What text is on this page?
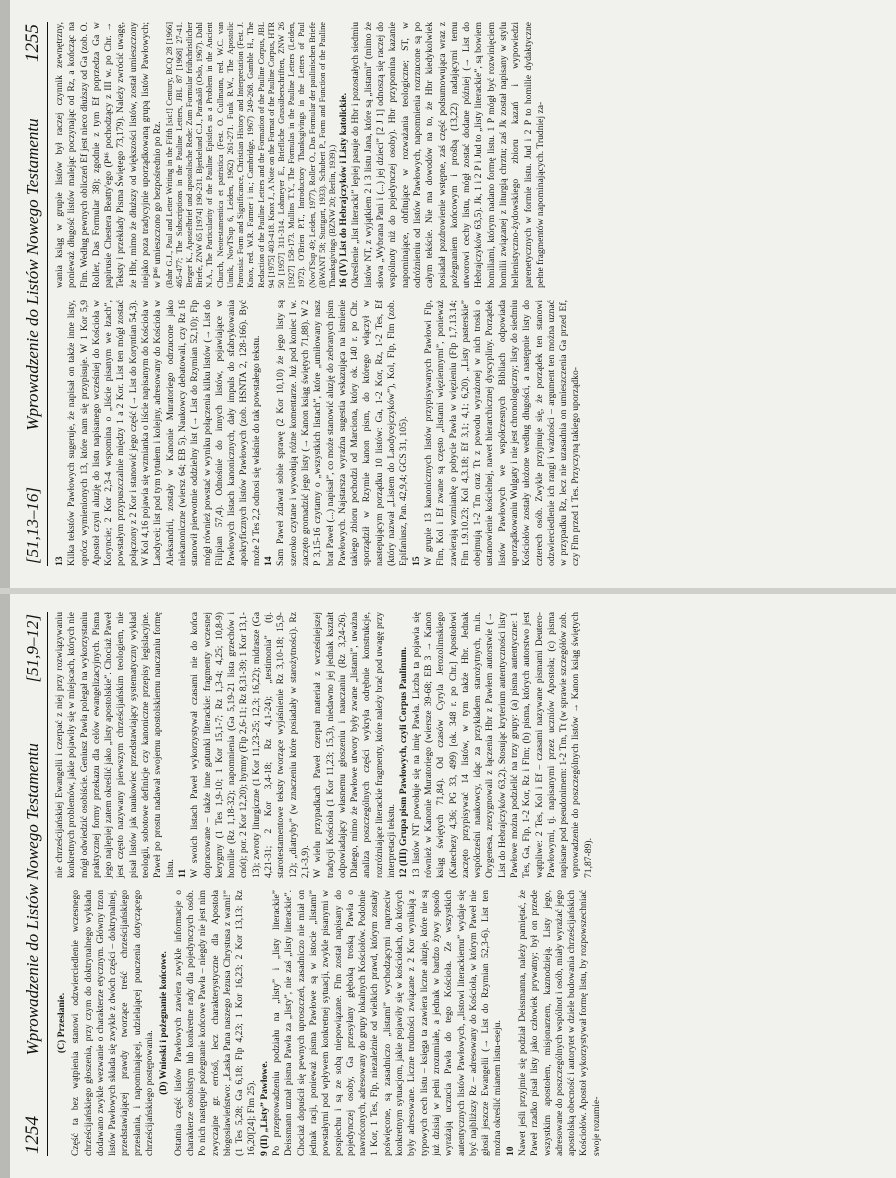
1254
Wprowadzenie do Listów Nowego Testamentu
[51,9–12]

(C) Przesłanie. Część ta bez wątpienia stanowi odzwierciedlenie wczesnego chrześcijańskiego głoszenia, przy czym do doktrynalnego wykładu dodawano zwykle wezwanie o charakterze etycznym. Główny trzon listów Pawłowych składa się zwykle z dwóch części – doktrynalnej, przedstawiającej prawdy tworzące treść chrześcijańskiego przesłania, i napominającej, udzielającej pouczenia dotyczącego chrześcijańskiego postępowania. (D) Wnioski i pożegnanie końcowe. Ostatnia część listów Pawłowych zawiera zwykle informacje o charakterze osobistym lub konkretne rady dla pojedynczych osób. Po nich następuje pożegnanie końcowe Pawła – niegdy nie jest nim zwyczajne gr. erróső, lecz charakterystyczne dla Apostoła błogosławieństwo: „Łaska Pana naszego Jezusa Chrystusa z wami!” (1 Tes 5,28; Ga 6,18; Flp 4,23; 1 Kor 16,23; 2 Kor 13,13; Rz 16,20[24]; Flm 25). 9 (II) „Listy” Pawłowe. Po przeprowadzeniu podziału na „listy” i „listy literackie” Deissmann uznał pisma Pawła za „listy”, nie zaś „listy literackie”. Chociaż dopuścił się pewnych uproszczeń, zasadniczo nie miał on jednak racji, ponieważ pisma Pawłowe są w istocie „listami” powstałymi pod wpływem konkretnej sytuacji, zwykle pisanymi w pospiechu i są ze sobą niepowiązane. Flm został napisany do pojedynczej osoby, Ga przesyłany głęboką troską Pawła o nawróconych, adresowany do grupy lokalnych Kościołów. Podobnie 1 Kor, 1 Tes, Flp, niezależnie od wielkich prawd, którym zostały poświęcone, są zasadniczo „listami” wychodzącymi naprzeciw konkretnym sytuacjom, jakie pojawiły się w kościołach, do których były adresowane. Liczne trudności związane z 2 Kor wynikają z typowych cech listu – księga ta zawiera liczne aluzje, które nie są już dzisiaj w pełni zrozumiałe, a jednak w bardzo żywy sposób wyrażają uczucia Pawła do tego Kościoła. Ze wszystkich autentycznych listów Pawłowych, „listowi literackiemu” wydaje się być najbliższy Rz – adresowany do Kościoła, w którym Paweł nie głosił jeszcze Ewangelii (→ List do Rzymian 52,3-6). List ten można określić mianem listu-eseju. 10 Nawet jeśli przyjmie się podział Deissmanna, należy pamiętać, że Paweł rzadko pisał listy jako człowiek prywatny; był on przede wszystkim apostołem, misjonarzem, kaznodzieją. Listy jego, adresowane do poszczególnych wspólnot i osób, miały wyrażać jego apostolską obecność i autorytet w dziele budowania chrześcijańskich Kościołów. Apostoł wykorzystywał formę listu, by rozpowszechniać swoje rozumie-

nie chrześcijańskiej Ewangelii i czerpać z niej przy rozwiązywaniu konkretnych problemów, jakie pojawiły się w miejscach, których nie mógł odwiedzić osobiście. Geniusz Pawła polegał na wykorzystaniu praktycznej formy przekazu dla celów ewangelizacyjnych. Pisma jego najlepiej zatem określić jako „listy apostolskie”. Chociaż Paweł jest często nazywany pierwszym chrześcijańskim teologiem, nie pisał listów jak naukowiec przedstawiający systematyczny wykład teologii, sobotowe definicje czy kanoniczne przepisy legislacyjne. Paweł po prostu nadawał swojemu apostolskiemu nauczaniu formę listu. 11 W swoich listach Paweł wykorzystywał czasami nie do końca dopracowane – także inne gatunki literackie: fragmenty wczesnej kerygmy (1 Tes 1,9-10; 1 Kor 15,1-7; Rz 1,3-4; 4,25; 10,8-9) homilie (Rz 1,18-32); napomnienia (Ga 5,19-21 lista grzechów i cnót); por. 2 Kor 12,20); hymny (Flp 2,6-11; Rz 8,31-39; 1 Kor 13,1-13); zwroty liturgiczne (1 Kor 11,23-25; 12,3; 16,22); midrasze (Ga 4,21-31; 2 Kor 3,4-18; Rz 4,1-24); „testimonia” (tj. starotestamentowe teksty tworzące wyjaśnienie Rz 3,10-18; 15,9-12); „diatryby” (w znaczeniu które posiadały w starożytności). Rz 2,1-3,9). W wielu przypadkach Paweł czerpał materiał z wcześniejszej tradycji Kościoła (1 Kor 11,23; 15,3), niedawno jej jednak kształt odpowiadający własnemu głoszeniu i nauczaniu (Rz 3,24-26). Dlatego, mimo że Pawłowe utwory były zwane „listami”, uważna analiza poszczególnych części wykryła odrębnie konstrukcje, rozróżniające literackie fragmenty, które należy brać pod uwagę przy interpretacji tekstu. 12 (III) Grupa pism Pawłowych, czyli Corpus Paulinum. 13 listów NT powołuje się na imię Pawła. Liczba ta pojawia się również w Kanonie Muratoriego (wiersze 39-68; EB 3 → Kanon ksiąg świętych 71,84). Od czasów Cyryla Jerozolimskiego (Katechezy 4,36; PG 33, 499) [ok. 348 r. po Chr.] Apostołowi zaczęto przypisywać 14 listów, w tym także Hbr. Jednak współcześni naukowcy, idąc za przykładem starożytnych, m.in. Orygenesa, zrezygnowali z łączenia Hbr z Pawłem autorstwie (→ List do Hebrajczyków 63,2). Stosując kryterium autentyczności listy Pawłowe można podzielić na trzy grupy: (a) pisma autentyczne: 1 Tes, Ga, Flp, 1-2 Kor, Rz i Flm; (b) pisma, których autorstwo jest wątpliwe: 2 Tes, Kol i Ef – czasami nazywane pismami Deutero-Pawłowymi, tj. napisanymi przez uczniów Apostoła; (c) pisma napisane pod pseudonimem: 1-2 Tm, Tt (w sprawie szczegółów zob. wprowadzenie do poszczególnych listów → Kanon ksiąg świętych 71,87-89).

[51,13–16]
Wprowadzenie do Listów Nowego Testamentu
1255

13 Kilka tekstów Pawłowych sugeruje, że napisał on także inne listy, oprócz wymienionych 13, które nam się przypisuje. W 1 Kor 5,9 Apostoł czyni aluzję do listu napisanego wcześniej do Kościoła w Koryncie; 2 Kor 2,3-4 wspomina o „liście pisanym we łzach”, powstałym przypuszczalnie między 1 a 2 Kor. List ten mógł zostać połączony z 2 Kor i stanowić jego część (→ List do Koryntian 54,3). W Kol 4,16 pojawia się wzmianka o liście napisanym do Kościoła w Laodycei; list pod tym tytułem i kolejny, adresowany do Kościoła w Aleksandrii, zostały w Kanonie Muratoriego odrzucone jako niekanoniczne (wiersz 64; EB 5). Naukowcy debatowali, czy Rz 16 stanowił pierwotnie oddzielny list (→ List do Rzymian 52,10); Flp mógł również powstać w wyniku połączenia kilku listów (→ List do Filipian 57,4). Odnośnie do innych listów, pojawiające w Pawłowych listach kanonicznych, dały impuls do sfabrykowania apokryficznych listów Pawłowych (zob. HSNTA 2, 128-166). Być może 2 Tes 2,2 odnosi się właśnie do tak powstałego tekstu. 14 Sam Paweł zdawał sobie sprawę (2 Kor 10,10) że jego listy są szeroko czytane i wywołują różne komentarze. Już pod koniec I w. zaczęto gromadzić jego listy (→ Kanon ksiąg świętych 71,88). W 2 P 3,15-16 czytamy o „wszystkich listach”, które „umiłowany nasz brat Paweł (...) napisał”, co może stanowić aluzję do zebranych pism Pawłowych. Najstarsza wyraźna sugestia wskazująca na istnienie takiego zbioru pochodzi od Marciona, który ok. 140 r. po Chr. sporządził w Rzymie kanon pism, do którego włączył w nastepującym porządku 10 listów: Ga, 1-2 Kor, Rz, 1-2 Tes, Ef (który nazwał „Listem do Laodycejczyków”), Kol, Flp, Flm (zob. Epifaniusz, Pan. 42,9,4; GCS 31, 105). 15 W grupie 13 kanonicznych listów przypisywanych Pawłowi Flp, Flm, Kol i Ef zwane są często „listami więziennymi”, ponieważ zawierają wzmiankę o pobycie Pawła w więzieniu (Flp 1,7.13.14; Flm 1.9.10.23; Kol 4,3.18; Ef 3,1; 4,1; 6,20). „Listy pasterskie” obejmują 1-2 Tm oraz Tt z powodu wyrażonej w nich troski o ustanowienie kościelnej, nawet hierarchicznej dyscypliny. Porządek listów Pawłowych we współczesnych Bibliach odpowiada uporządkowaniu Wulgaty i nie jest chronologiczny; listy do siedmiu Kościołów zostały ułożone według długości, a następnie listy do czterech osób. Zwykle przyjmuje się, że porządek ten stanowi odzwierciedlenie ich rangi i ważności – argument ten można uznać w przypadku Rz, lecz nie uzasadnia on umieszczenia Ga przed Ef, czy Flm przed 1 Tes. Przyczyną takiego uporządko-

wania ksiąg w grupie listów był raczej czynnik zewnętrzny, ponieważ długość listów malejąc poczynając od Rz, a kończąc na Flm. Według pewnych obliczeń Ef jest nieco dłuższy od Ga (zob. O. Roller, Das Formular 38); zgodnie z tym Ef poprzedza Ga w papirusie Chestera Beatty'ego (P⁴⁶ pochodzący z III w. po Chr. → Teksty i przekłady Pisma Świętego 73,179). Należy zwrócić uwagę, że Hbr, mimo że dłuższy od większości listów, został umieszczony niejako poza tradycyjnie uporządkowaną grupą listów Pawłowych; w P⁴⁶ umieszczono go bezpośrednio po Rz. (Bahr G.J., Paul and Letter Writing in the Fifth [sic!] Century, BCQ 28 [1966] 465-477; The Subscriptions in the Pauline Letters, JBL 87 [1968] 27-41. Berger K., Apostelbrief und apostolische Rede: Zum Formular frühchristlicher Briefe, ZNW 65 [1974] 190-231. Bjerkelund C.J., Parakalô (Oslo, 1967). Dahl N.A., The Particularity of the Pauline Epistles as a Problem in the Ancient Church, Neotestamentica et patristica (Fest. O. Cullmann, red. W.C. van Unnik, NovTSup 6, Leiden, 1962) 261-271. Funk R.W., The Apostolic Parousia: Form and Significance, Christian History and Interpretation (Fest. J. Knox, red. W.R. Farmer i in.; Cambridge, 1967) 249-268. Gamble H., The Redaction of the Pauline Letters and the Formation of the Pauline Corpus, JBL 94 [1975] 403-418. Knox J., A Note on the Format of the Pauline Corpus, HTR 50 [1957] 311-314. Lohmeyer E., Briefliche Grussüberschriften, ZNW 26 [1927] 158-173. Mullins T.Y., The Formulas in the Pauline Letters (Leiden, 1972). O'Brien P.T., Introductory Thanksgivings in the Letters of Paul (NovTSup 49; Leiden, 1977). Roller O., Das Formular der paulinischen Briefe (BWANT 58; Stuttgart, 1933). Schubert P., Form and Function of the Pauline Thanksgivings (BZNW 20; Berlin, 1939).) 16 (IV) List do Hebrajczyków i Listy katolickie. Określenie „list literacki” lepiej pasuje do Hbr i pozostałych siedmiu listów NT, z wyjątkiem 2 i 3 listu Jana, które są „listami” (mimo że słowa „Wybrana Pani i (...) jej dzieci” [2 J 1] odnoszą się raczej do wspólnoty niż do pojedynczej osoby). Hbr przypomina kazanie napominające, obfitujące w rozważania teologiczne; ST, w odróżnieniu od listów Pawłowych, napomnienia rozrzucone są po całym tekście. Nie ma dowodów na to, że Hbr kiedykolwiek posiadał pozdrowienie wstępne, zaś część podsumowująca wraz z pożegnaniem końcowym i prośbą (13,22) nadającymi temu utworowi cechy listu, mógł zostać dodane później (→ List do Hebrajczyków 63,5). Jk, 1 i 2 P i Jud to „listy literackie”, są bowiem homiliami, którym nadano formę listu. 1 P mógł być rozwinięciem homilii związanej z liturgią chrztu; zaś Jk został napisany w stylu hellenistyczno-żydowskiego zbioru kazań i wypowiedzi parenetycznych w formie listu. Jud i 2 P to homilie dydaktyczne pełne fragmentów napominających. Trudniej za-
